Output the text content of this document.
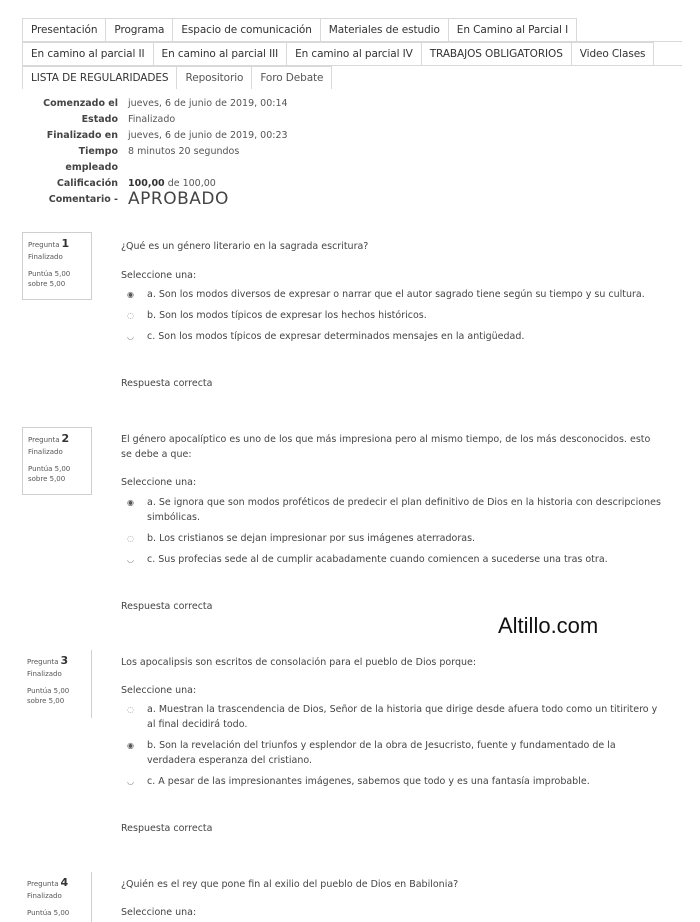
Presentación	Programa	Espacio de comunicación	Materiales de estudio	En Camino al Parcial I
En camino al parcial II	En camino al parcial III	En camino al parcial IV	TRABAJOS OBLIGATORIOS	Video Clases
LISTA DE REGULARIDADES	Repositorio	Foro Debate
Comenzado el	jueves, 6 de junio de 2019, 00:14
Estado	Finalizado
Finalizado en	jueves, 6 de junio de 2019, 00:23
Tiempo
empleado
8 minutos 20 segundos
Calificación	100,00 de 100,00
Comentario - APROBADO
Pregunta 1
Finalizado
Puntúa 5,00
sobre 5,00
¿Qué es un género literario en la sagrada escritura?
Seleccione una:
◉	a. Son los modos diversos de expresar o narrar que el autor sagrado tiene según su tiempo y su cultura.
◌	b. Son los modos típicos de expresar los hechos históricos.
◡	c. Son los modos típicos de expresar determinados mensajes en la antigüedad.
Respuesta correcta
Pregunta 2
Finalizado
Puntúa 5,00
sobre 5,00
El género apocalíptico es uno de los que más impresiona pero al mismo tiempo, de los más desconocidos. esto se debe a que:
Seleccione una:
◉	a. Se ignora que son modos proféticos de predecir el plan definitivo de Dios en la historia con descripciones simbólicas.
◌	b. Los cristianos se dejan impresionar por sus imágenes aterradoras.
◡	c. Sus profecias sede al de cumplir acabadamente cuando comiencen a sucederse una tras otra.
Respuesta correcta
Altillo.com
Pregunta 3
Finalizado
Puntúa 5,00
sobre 5,00
Los apocalipsis son escritos de consolación para el pueblo de Dios porque:
Seleccione una:
◌	a. Muestran la trascendencia de Dios, Señor de la historia que dirige desde afuera todo como un titiritero y al final decidirá todo.
◉	b. Son la revelación del triunfos y esplendor de la obra de Jesucristo, fuente y fundamentado de la verdadera esperanza del cristiano.
◡	c. A pesar de las impresionantes imágenes, sabemos que todo y es una fantasía improbable.
Respuesta correcta
Pregunta 4
Finalizado
Puntúa 5,00
¿Quién es el rey que pone fin al exilio del pueblo de Dios en Babilonia?
Seleccione una:
